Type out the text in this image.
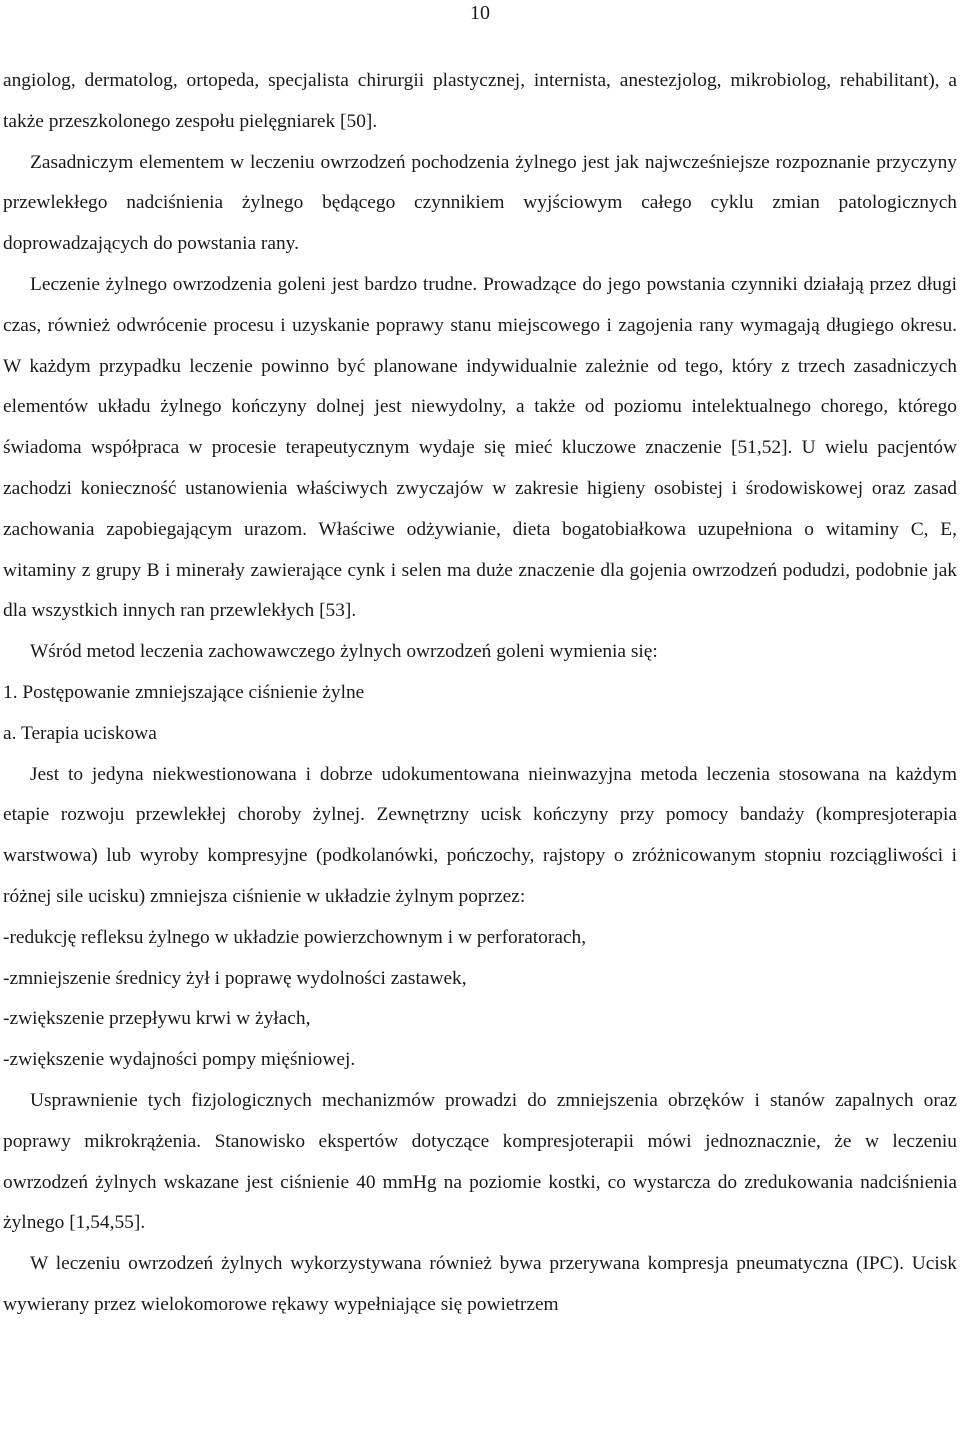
10

angiolog, dermatolog, ortopeda, specjalista chirurgii plastycznej, internista, anestezjolog, mikrobiolog, rehabilitant), a także przeszkolonego zespołu pielęgniarek [50].

Zasadniczym elementem w leczeniu owrzodzeń pochodzenia żylnego jest jak najwcześniejsze rozpoznanie przyczyny przewlekłego nadciśnienia żylnego będącego czynnikiem wyjściowym całego cyklu zmian patologicznych doprowadzających do powstania rany.

Leczenie żylnego owrzodzenia goleni jest bardzo trudne. Prowadzące do jego powstania czynniki działają przez długi czas, również odwrócenie procesu i uzyskanie poprawy stanu miejscowego i zagojenia rany wymagają długiego okresu. W każdym przypadku leczenie powinno być planowane indywidualnie zależnie od tego, który z trzech zasadniczych elementów układu żylnego kończyny dolnej jest niewydolny, a także od poziomu intelektualnego chorego, którego świadoma współpraca w procesie terapeutycznym wydaje się mieć kluczowe znaczenie [51,52]. U wielu pacjentów zachodzi konieczność ustanowienia właściwych zwyczajów w zakresie higieny osobistej i środowiskowej oraz zasad zachowania zapobiegającym urazom. Właściwe odżywianie, dieta bogatobiałkowa uzupełniona o witaminy C, E, witaminy z grupy B i minerały zawierające cynk i selen ma duże znaczenie dla gojenia owrzodzeń podudzi, podobnie jak dla wszystkich innych ran przewlekłych [53].

Wśród metod leczenia zachowawczego żylnych owrzodzeń goleni wymienia się:

1. Postępowanie zmniejszające ciśnienie żylne

a. Terapia uciskowa

Jest to jedyna niekwestionowana i dobrze udokumentowana nieinwazyjna metoda leczenia stosowana na każdym etapie rozwoju przewlekłej choroby żylnej. Zewnętrzny ucisk kończyny przy pomocy bandaży (kompresjoterapia warstwowa) lub wyroby kompresyjne (podkolanówki, pończochy, rajstopy o zróżnicowanym stopniu rozciągliwości i różnej sile ucisku) zmniejsza ciśnienie w układzie żylnym poprzez:

-redukcję refleksu żylnego w układzie powierzchownym i w perforatorach,

-zmniejszenie średnicy żył i poprawę wydolności zastawek,

-zwiększenie przepływu krwi w żyłach,

-zwiększenie wydajności pompy mięśniowej.

Usprawnienie tych fizjologicznych mechanizmów prowadzi do zmniejszenia obrzęków i stanów zapalnych oraz poprawy mikrokrążenia. Stanowisko ekspertów dotyczące kompresjoterapii mówi jednoznacznie, że w leczeniu owrzodzeń żylnych wskazane jest ciśnienie 40 mmHg na poziomie kostki, co wystarcza do zredukowania nadciśnienia żylnego [1,54,55].

W leczeniu owrzodzeń żylnych wykorzystywana również bywa przerywana kompresja pneumatyczna (IPC). Ucisk wywierany przez wielokomorowe rękawy wypełniające się powietrzem
